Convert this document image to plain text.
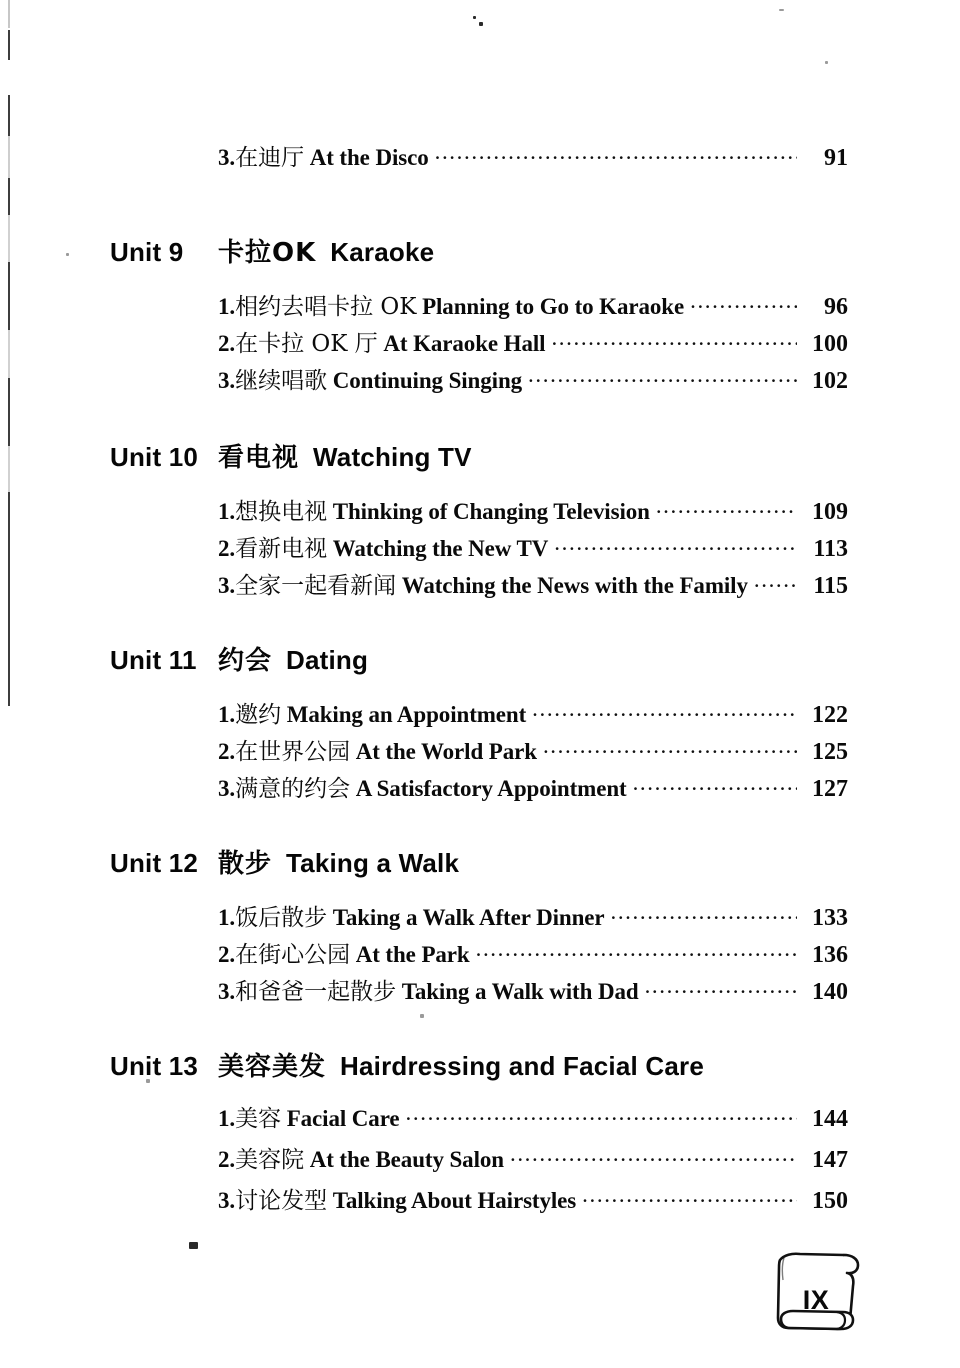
3.在迪厅 At the Disco .....	91
Unit 9 卡拉OK Karaoke
1.相约去唱卡拉 OK Planning to Go to Karaoke .....	96
2.在卡拉 OK 厅 At Karaoke Hall .....	100
3.继续唱歌 Continuing Singing .....	102
Unit 10 看电视 Watching TV
1.想换电视 Thinking of Changing Television .....	109
2.看新电视 Watching the New TV .....	113
3.全家一起看新闻 Watching the News with the Family .....	115
Unit 11 约会 Dating
1.邀约 Making an Appointment .....	122
2.在世界公园 At the World Park .....	125
3.满意的约会 A Satisfactory Appointment .....	127
Unit 12 散步 Taking a Walk
1.饭后散步 Taking a Walk After Dinner .....	133
2.在街心公园 At the Park .....	136
3.和爸爸一起散步 Taking a Walk with Dad .....	140
Unit 13 美容美发 Hairdressing and Facial Care
1.美容 Facial Care .....	144
2.美容院 At the Beauty Salon .....	147
3.讨论发型 Talking About Hairstyles .....	150
IX
